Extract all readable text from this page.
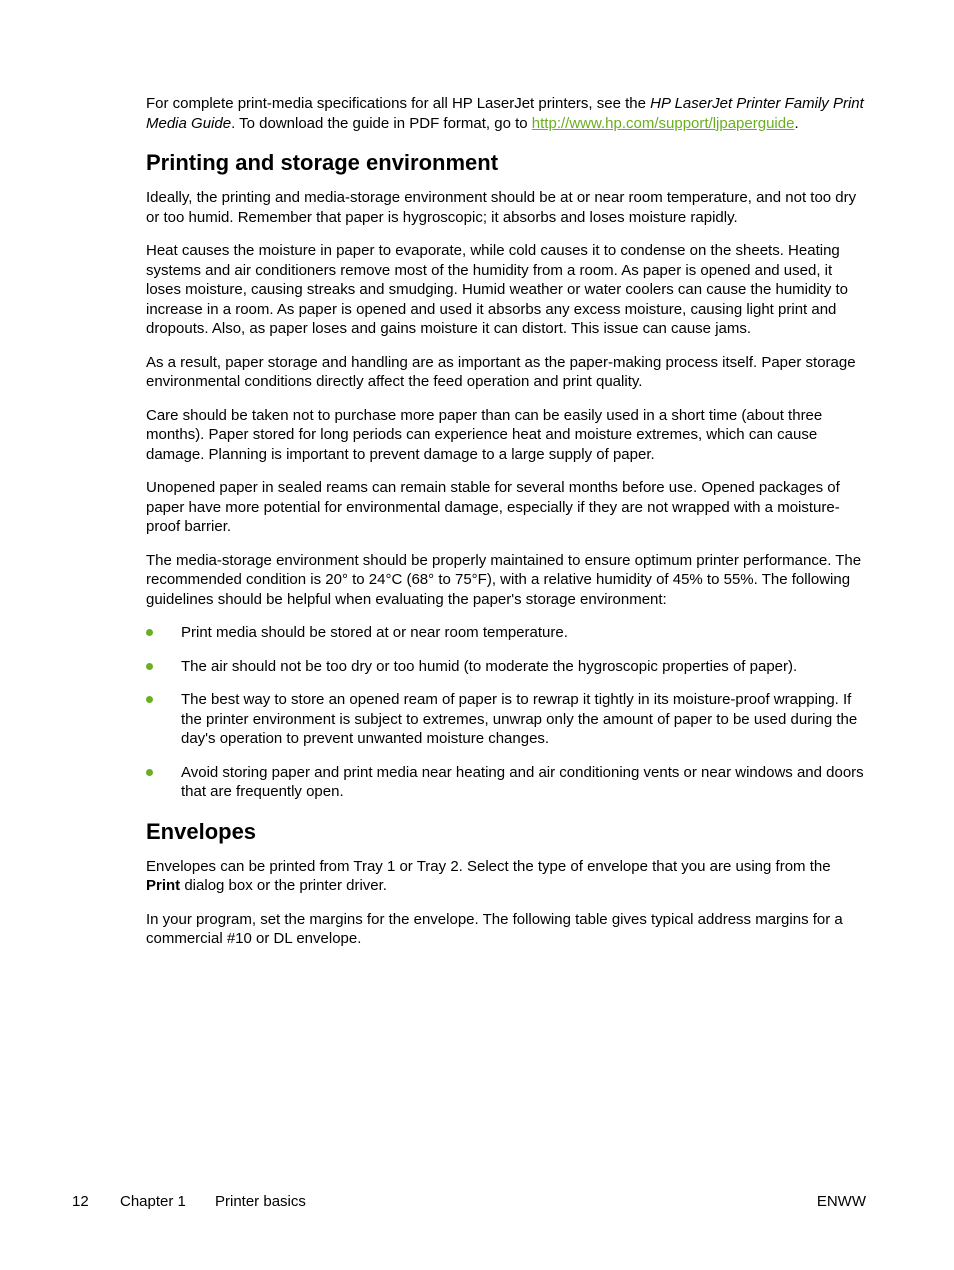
For complete print-media specifications for all HP LaserJet printers, see the HP LaserJet Printer Family Print Media Guide. To download the guide in PDF format, go to http://www.hp.com/support/ljpaperguide.

Printing and storage environment

Ideally, the printing and media-storage environment should be at or near room temperature, and not too dry or too humid. Remember that paper is hygroscopic; it absorbs and loses moisture rapidly.

Heat causes the moisture in paper to evaporate, while cold causes it to condense on the sheets. Heating systems and air conditioners remove most of the humidity from a room. As paper is opened and used, it loses moisture, causing streaks and smudging. Humid weather or water coolers can cause the humidity to increase in a room. As paper is opened and used it absorbs any excess moisture, causing light print and dropouts. Also, as paper loses and gains moisture it can distort. This issue can cause jams.

As a result, paper storage and handling are as important as the paper-making process itself. Paper storage environmental conditions directly affect the feed operation and print quality.

Care should be taken not to purchase more paper than can be easily used in a short time (about three months). Paper stored for long periods can experience heat and moisture extremes, which can cause damage. Planning is important to prevent damage to a large supply of paper.

Unopened paper in sealed reams can remain stable for several months before use. Opened packages of paper have more potential for environmental damage, especially if they are not wrapped with a moisture-proof barrier.

The media-storage environment should be properly maintained to ensure optimum printer performance. The recommended condition is 20° to 24°C (68° to 75°F), with a relative humidity of 45% to 55%. The following guidelines should be helpful when evaluating the paper's storage environment:

Print media should be stored at or near room temperature.
The air should not be too dry or too humid (to moderate the hygroscopic properties of paper).
The best way to store an opened ream of paper is to rewrap it tightly in its moisture-proof wrapping. If the printer environment is subject to extremes, unwrap only the amount of paper to be used during the day's operation to prevent unwanted moisture changes.
Avoid storing paper and print media near heating and air conditioning vents or near windows and doors that are frequently open.
Envelopes

Envelopes can be printed from Tray 1 or Tray 2. Select the type of envelope that you are using from the Print dialog box or the printer driver.

In your program, set the margins for the envelope. The following table gives typical address margins for a commercial #10 or DL envelope.

12 Chapter 1 Printer basics	ENWW
